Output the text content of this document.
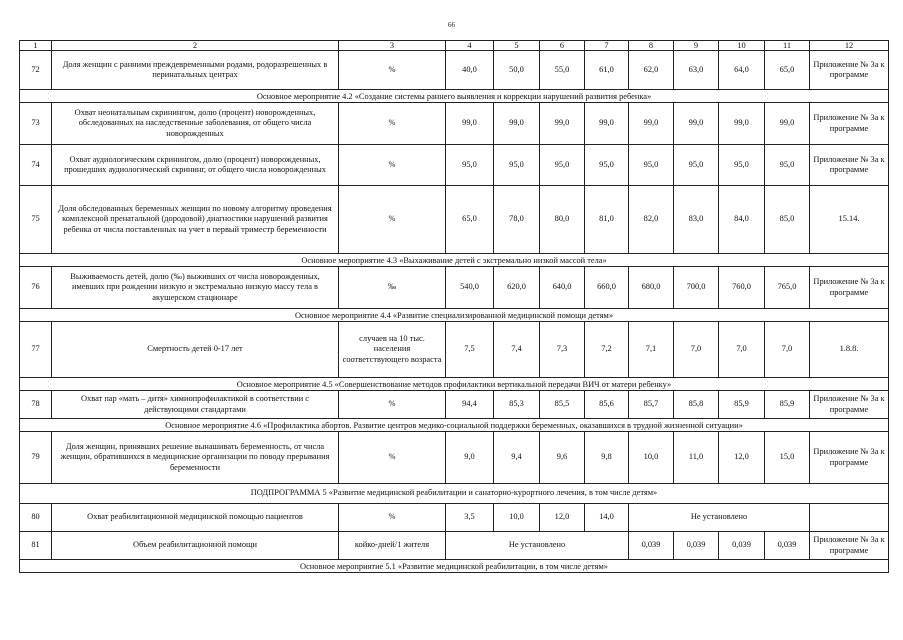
66
1	2	3	4	5	6	7	8	9	10	11	12
72	Доля женщин с ранними преждевременными родами, родоразрешенных в перинатальных центрах	%	40,0	50,0	55,0	61,0	62,0	63,0	64,0	65,0	Приложение № 3а к программе
Основное мероприятие 4.2 «Создание системы раннего выявления и коррекции нарушений развития ребенка»											
73	Охват неонатальным скринингом, долю (процент) новорожденных, обследованных на наследственные заболевания, от общего числа новорожденных	%	99,0	99,0	99,0	99,0	99,0	99,0	99,0	99,0	Приложение № 3а к программе
74	Охват аудиологическим скринингом, долю (процент) новорожденных, прошедших аудиологический скрининг, от общего числа новорожденных	%	95,0	95,0	95,0	95,0	95,0	95,0	95,0	95,0	Приложение № 3а к программе
75	Доля обследованных беременных женщин по новому алгоритму проведения комплексной пренатальной (дородовой) диагностики нарушений развития ребенка от числа поставленных на учет в первый триместр беременности	%	65,0	78,0	80,0	81,0	82,0	83,0	84,0	85,0	15.14.
Основное мероприятие 4.3 «Выхаживание детей с экстремально низкой массой тела»											
76	Выживаемость детей, долю (‰) выживших от числа новорожденных, имевших при рождении низкую и экстремально низкую массу тела в акушерском стационаре	‰	540,0	620,0	640,0	660,0	680,0	700,0	760,0	765,0	Приложение № 3а к программе
Основное мероприятие 4.4 «Развитие специализированной медицинской помощи детям»											
77	Смертность детей 0-17 лет	случаев на 10 тыс. населения соответствующего возраста	7,5	7,4	7,3	7,2	7,1	7,0	7,0	7,0	1.8.8.
Основное мероприятие 4.5 «Совершенствование методов профилактики вертикальной передачи ВИЧ от матери ребенку»											
78	Охват пар «мать – дитя» химиопрофилактикой в соответствии с действующими стандартами	%	94,4	85,3	85,5	85,6	85,7	85,8	85,9	85,9	Приложение № 3а к программе
Основное мероприятие 4.6 «Профилактика абортов. Развитие центров медико-социальной поддержки беременных, оказавшихся в трудной жизненной ситуации»											
79	Доля женщин, принявших решение вынашивать беременность, от числа женщин, обратившихся в медицинские организации по поводу прерывания беременности	%	9,0	9,4	9,6	9,8	10,0	11,0	12,0	15,0	Приложение № 3а к программе
ПОДПРОГРАММА 5 «Развитие медицинской реабилитации и санаторно-курортного лечения, в том числе детям»											
80	Охват реабилитационной медицинской помощью пациентов	%	3,5	10,0	12,0	14,0	Не установлено				
81	Объем реабилитационной помощи	койко-дней/1 жителя	Не установлено				0,039	0,039	0,039	0,039	Приложение № 3а к программе
Основное мероприятие 5.1 «Развитие медицинской реабилитации, в том числе детям»											
